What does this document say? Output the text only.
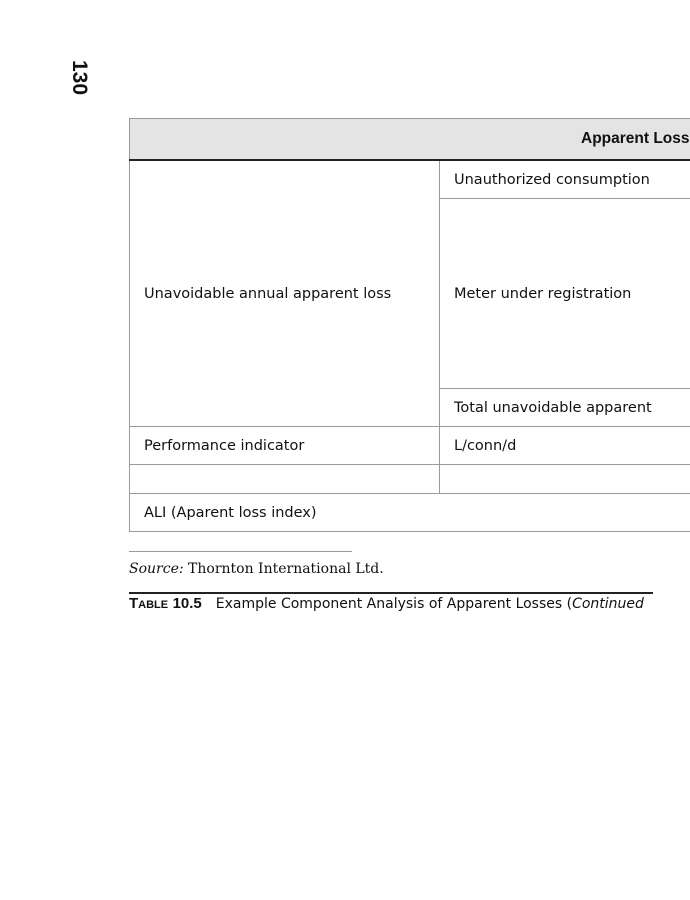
130
Apparent Loss	
Unavoidable annual apparent loss	Unauthorized consumption
	Meter under registration
	Total unavoidable apparent
Performance indicator	L/conn/d

ALI (Aparent loss index)	
Source: Thornton International Ltd.
Table 10.5 Example Component Analysis of Apparent Losses (Continued
